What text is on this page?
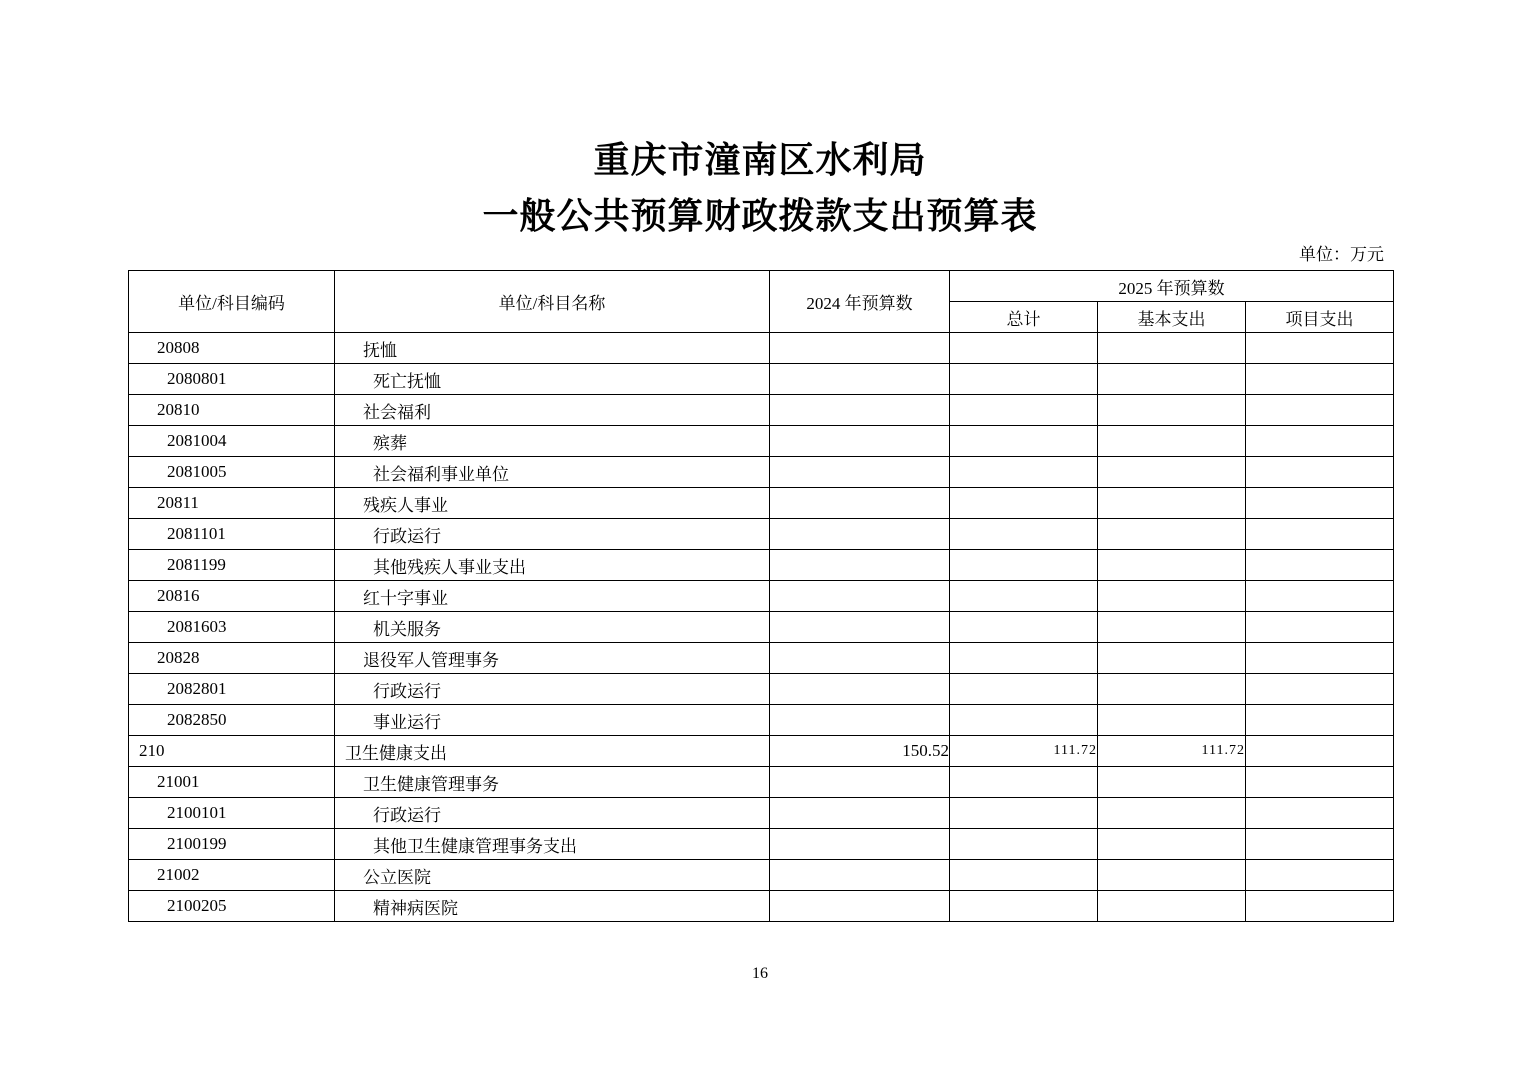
重庆市潼南区水利局
一般公共预算财政拨款支出预算表
单位：万元
单位/科目编码	单位/科目名称	2024 年预算数	2025 年预算数		
			总计	基本支出	项目支出
20808	抚恤				
2080801	死亡抚恤				
20810	社会福利				
2081004	殡葬				
2081005	社会福利事业单位				
20811	残疾人事业				
2081101	行政运行				
2081199	其他残疾人事业支出				
20816	红十字事业				
2081603	机关服务				
20828	退役军人管理事务				
2082801	行政运行				
2082850	事业运行				
210	卫生健康支出	150.52	111.72	111.72	
21001	卫生健康管理事务				
2100101	行政运行				
2100199	其他卫生健康管理事务支出				
21002	公立医院				
2100205	精神病医院				
16
